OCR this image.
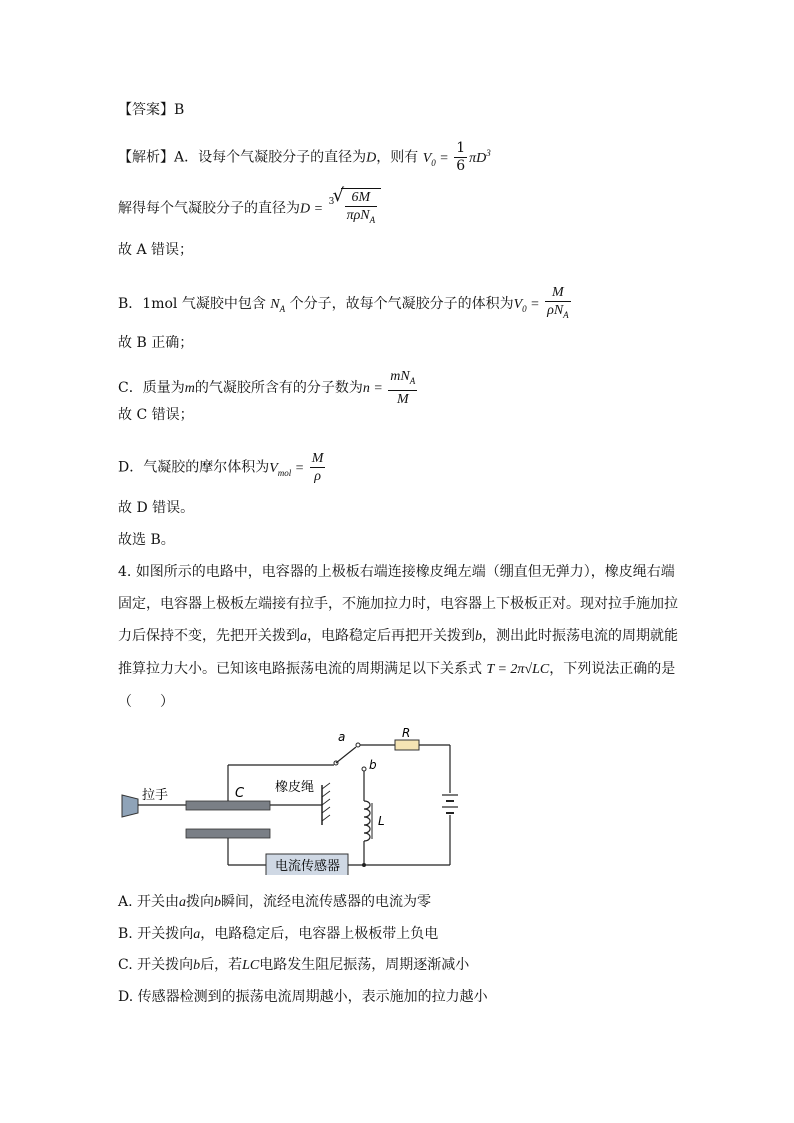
【答案】B
【解析】A．设每个气凝胶分子的直径为D，则有 $V_0 = \frac{1}{6} \pi D^3$
解得每个气凝胶分子的直径为D = 3
√ $\frac{6M}{\pi\rho N_A}$
故 A 错误；
B．1mol 气凝胶中包含 $N_A$ 个分子，故每个气凝胶分子的体积为$V_0 = \frac{M}{\rho N_A}$
故 B 正确；
C．质量为m的气凝胶所含有的分子数为$n = \frac{mN_A}{M}$
故 C 错误；
D．气凝胶的摩尔体积为$V_{mol} = \frac{M}{\rho}$
故 D 错误。
故选 B。
4. 如图所示的电路中，电容器的上极板右端连接橡皮绳左端（绷直但无弹力），橡皮绳右端固定，电容器上极板左端接有拉手，不施加拉力时，电容器上下极板正对。现对拉手施加拉力后保持不变，先把开关拨到a，电路稳定后再把开关拨到b，测出此时振荡电流的周期就能推算拉力大小。已知该电路振荡电流的周期满足以下关系式 T = 2π√LC，下列说法正确的是（　　）
拉手	C 橡皮绳
a
b
R
L
电流传感器
A. 开关由a拨向b瞬间，流经电流传感器的电流为零
B. 开关拨向a，电路稳定后，电容器上极板带上负电
C. 开关拨向b后，若LC电路发生阻尼振荡，周期逐渐减小
D. 传感器检测到的振荡电流周期越小，表示施加的拉力越小
